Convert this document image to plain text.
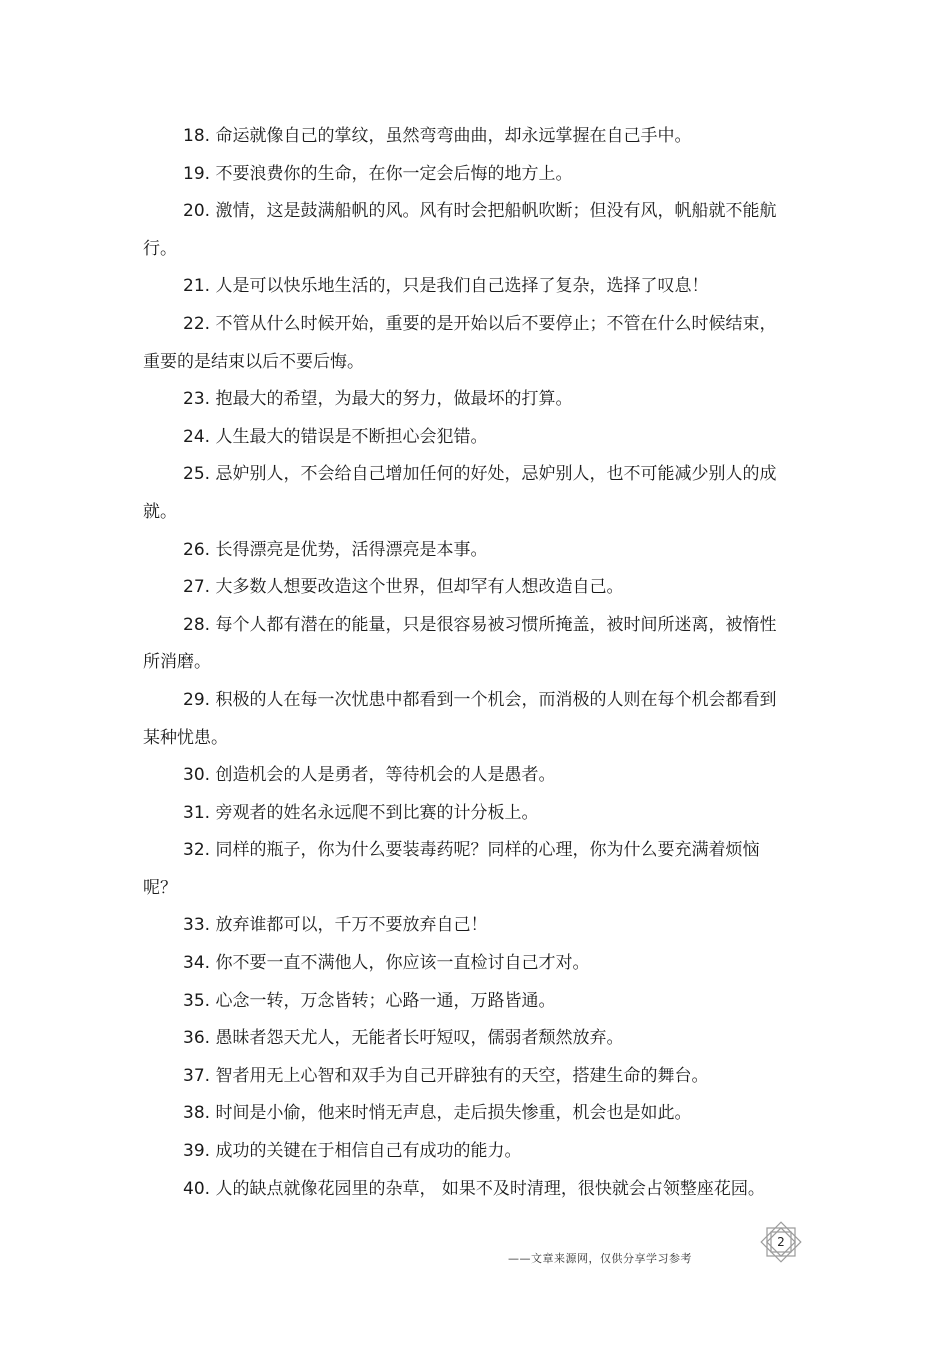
18. 命运就像自己的掌纹，虽然弯弯曲曲，却永远掌握在自己手中。

19. 不要浪费你的生命，在你一定会后悔的地方上。

20. 激情，这是鼓满船帆的风。风有时会把船帆吹断；但没有风，帆船就不能航行。

21. 人是可以快乐地生活的，只是我们自己选择了复杂，选择了叹息！

22. 不管从什么时候开始，重要的是开始以后不要停止；不管在什么时候结束，重要的是结束以后不要后悔。

23. 抱最大的希望，为最大的努力，做最坏的打算。

24. 人生最大的错误是不断担心会犯错。

25. 忌妒别人，不会给自己增加任何的好处，忌妒别人，也不可能减少别人的成就。

26. 长得漂亮是优势，活得漂亮是本事。

27. 大多数人想要改造这个世界，但却罕有人想改造自己。

28. 每个人都有潜在的能量，只是很容易被习惯所掩盖，被时间所迷离，被惰性所消磨。

29. 积极的人在每一次忧患中都看到一个机会，而消极的人则在每个机会都看到某种忧患。

30. 创造机会的人是勇者，等待机会的人是愚者。

31. 旁观者的姓名永远爬不到比赛的计分板上。

32. 同样的瓶子，你为什么要装毒药呢？同样的心理，你为什么要充满着烦恼呢？

33. 放弃谁都可以，千万不要放弃自己！

34. 你不要一直不满他人，你应该一直检讨自己才对。

35. 心念一转，万念皆转；心路一通，万路皆通。

36. 愚昧者怨天尤人，无能者长吁短叹，儒弱者颓然放弃。

37. 智者用无上心智和双手为自己开辟独有的天空，搭建生命的舞台。

38. 时间是小偷，他来时悄无声息，走后损失惨重，机会也是如此。

39. 成功的关键在于相信自己有成功的能力。

40. 人的缺点就像花园里的杂草， 如果不及时清理，很快就会占领整座花园。

——文章来源网，仅供分享学习参考
2
